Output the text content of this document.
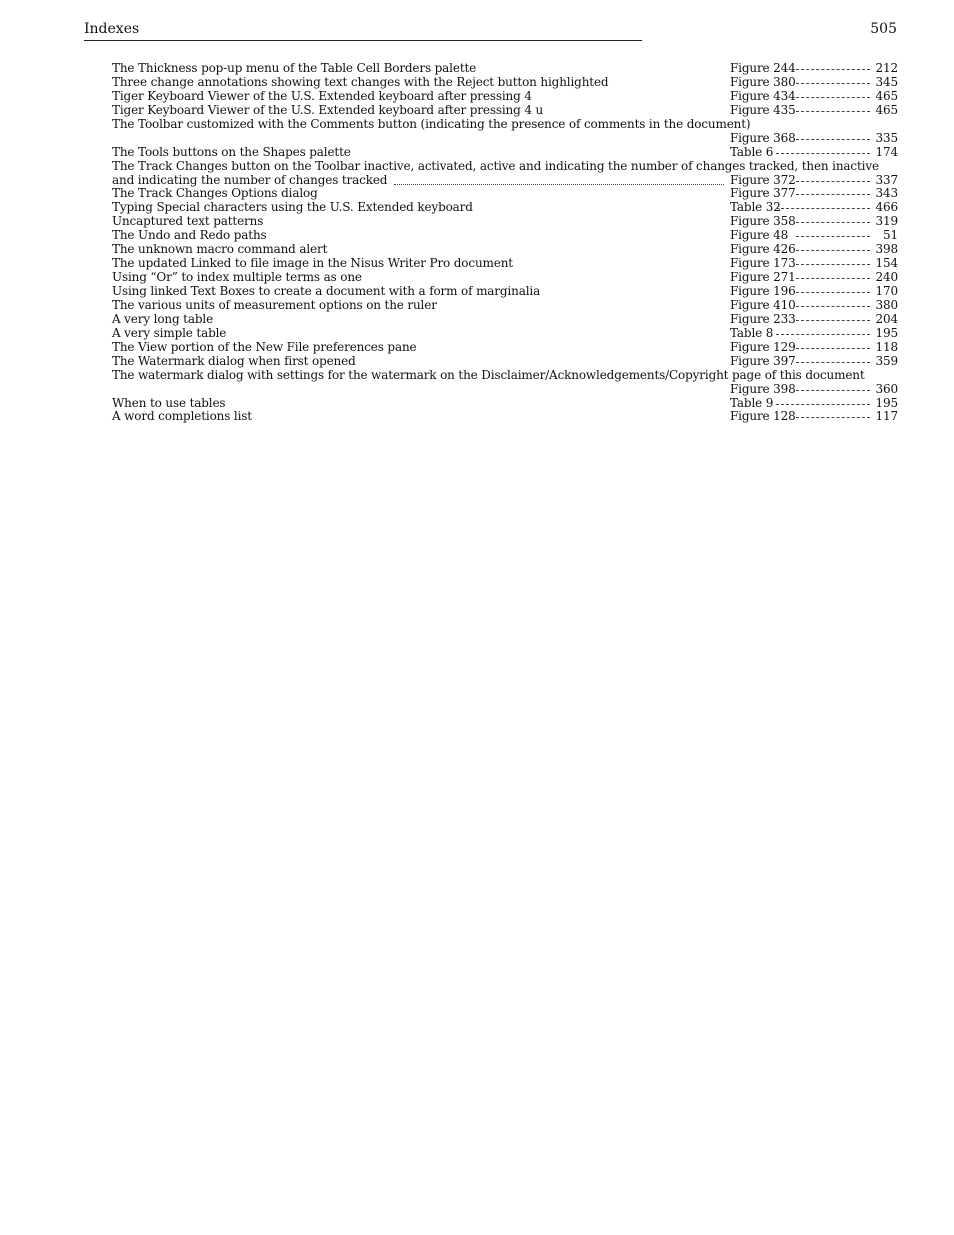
Indexes	505
The Thickness pop-up menu of the Table Cell Borders palette	Figure 244	212
Three change annotations showing text changes with the Reject button highlighted	Figure 380	345
Tiger Keyboard Viewer of the U.S. Extended keyboard after pressing 4	Figure 434	465
Tiger Keyboard Viewer of the U.S. Extended keyboard after pressing 4 u	Figure 435	465
The Toolbar customized with the Comments button (indicating the presence of comments in the document)
Figure 368	335
The Tools buttons on the Shapes palette	Table 6	174
The Track Changes button on the Toolbar inactive, activated, active and indicating the number of changes tracked, then inactive
and indicating the number of changes tracked	Figure 372	337
The Track Changes Options dialog	Figure 377	343
Typing Special characters using the U.S. Extended keyboard	Table 32	466
Uncaptured text patterns	Figure 358	319
The Undo and Redo paths	Figure 48	51
The unknown macro command alert	Figure 426	398
The updated Linked to file image in the Nisus Writer Pro document	Figure 173	154
Using “Or” to index multiple terms as one	Figure 271	240
Using linked Text Boxes to create a document with a form of marginalia	Figure 196	170
The various units of measurement options on the ruler	Figure 410	380
A very long table	Figure 233	204
A very simple table	Table 8	195
The View portion of the New File preferences pane	Figure 129	118
The Watermark dialog when first opened	Figure 397	359
The watermark dialog with settings for the watermark on the Disclaimer/Acknowledgements/Copyright page of this document
Figure 398	360
When to use tables	Table 9	195
A word completions list	Figure 128	117
